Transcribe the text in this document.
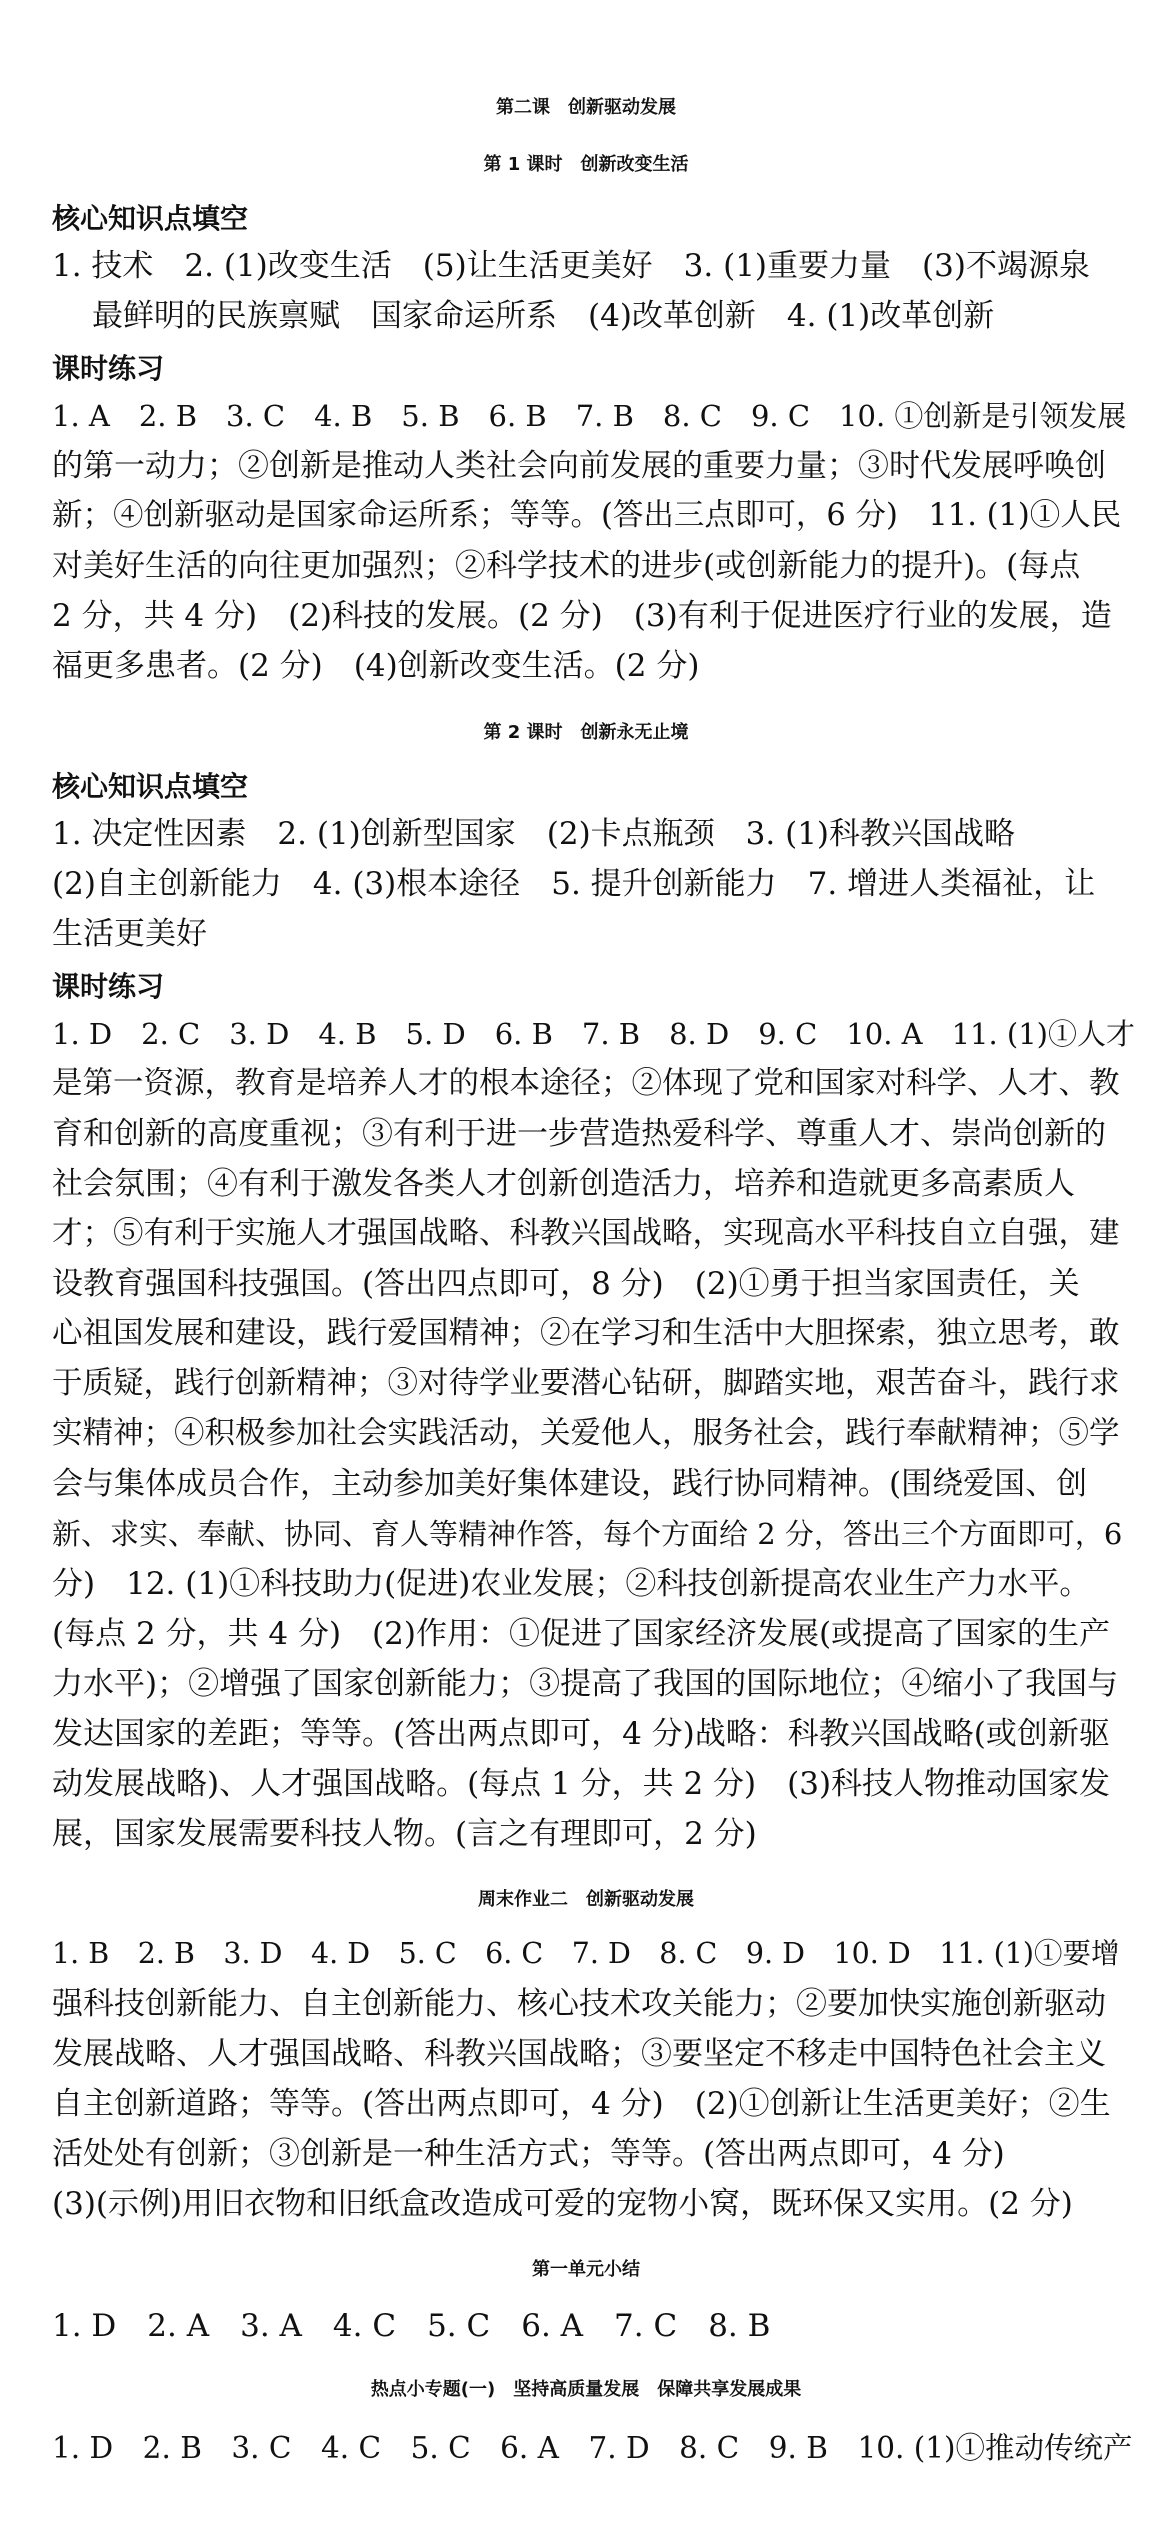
第二课　创新驱动发展
第 1 课时　创新改变生活
核心知识点填空
1. 技术　2. (1)改变生活　(5)让生活更美好　3. (1)重要力量　(3)不竭源泉
最鲜明的民族禀赋　国家命运所系　(4)改革创新　4. (1)改革创新
课时练习
1. A　2. B　3. C　4. B　5. B　6. B　7. B　8. C　9. C　10. ①创新是引领发展
的第一动力；②创新是推动人类社会向前发展的重要力量；③时代发展呼唤创
新；④创新驱动是国家命运所系；等等。(答出三点即可，6 分)　11. (1)①人民
对美好生活的向往更加强烈；②科学技术的进步(或创新能力的提升)。(每点
2 分，共 4 分)　(2)科技的发展。(2 分)　(3)有利于促进医疗行业的发展，造
福更多患者。(2 分)　(4)创新改变生活。(2 分)
第 2 课时　创新永无止境
核心知识点填空
1. 决定性因素　2. (1)创新型国家　(2)卡点瓶颈　3. (1)科教兴国战略
(2)自主创新能力　4. (3)根本途径　5. 提升创新能力　7. 增进人类福祉，让
生活更美好
课时练习
1. D　2. C　3. D　4. B　5. D　6. B　7. B　8. D　9. C　10. A　11. (1)①人才
是第一资源，教育是培养人才的根本途径；②体现了党和国家对科学、人才、教
育和创新的高度重视；③有利于进一步营造热爱科学、尊重人才、崇尚创新的
社会氛围；④有利于激发各类人才创新创造活力，培养和造就更多高素质人
才；⑤有利于实施人才强国战略、科教兴国战略，实现高水平科技自立自强，建
设教育强国科技强国。(答出四点即可，8 分)　(2)①勇于担当家国责任，关
心祖国发展和建设，践行爱国精神；②在学习和生活中大胆探索，独立思考，敢
于质疑，践行创新精神；③对待学业要潜心钻研，脚踏实地，艰苦奋斗，践行求
实精神；④积极参加社会实践活动，关爱他人，服务社会，践行奉献精神；⑤学
会与集体成员合作，主动参加美好集体建设，践行协同精神。(围绕爱国、创
新、求实、奉献、协同、育人等精神作答，每个方面给 2 分，答出三个方面即可，6
分)　12. (1)①科技助力(促进)农业发展；②科技创新提高农业生产力水平。
(每点 2 分，共 4 分)　(2)作用：①促进了国家经济发展(或提高了国家的生产
力水平)；②增强了国家创新能力；③提高了我国的国际地位；④缩小了我国与
发达国家的差距；等等。(答出两点即可，4 分)战略：科教兴国战略(或创新驱
动发展战略)、人才强国战略。(每点 1 分，共 2 分)　(3)科技人物推动国家发
展，国家发展需要科技人物。(言之有理即可，2 分)
周末作业二　创新驱动发展
1. B　2. B　3. D　4. D　5. C　6. C　7. D　8. C　9. D　10. D　11. (1)①要增
强科技创新能力、自主创新能力、核心技术攻关能力；②要加快实施创新驱动
发展战略、人才强国战略、科教兴国战略；③要坚定不移走中国特色社会主义
自主创新道路；等等。(答出两点即可，4 分)　(2)①创新让生活更美好；②生
活处处有创新；③创新是一种生活方式；等等。(答出两点即可，4 分)
(3)(示例)用旧衣物和旧纸盒改造成可爱的宠物小窝，既环保又实用。(2 分)
第一单元小结
1. D　2. A　3. A　4. C　5. C　6. A　7. C　8. B
热点小专题(一)　坚持高质量发展　保障共享发展成果
1. D　2. B　3. C　4. C　5. C　6. A　7. D　8. C　9. B　10. (1)①推动传统产
